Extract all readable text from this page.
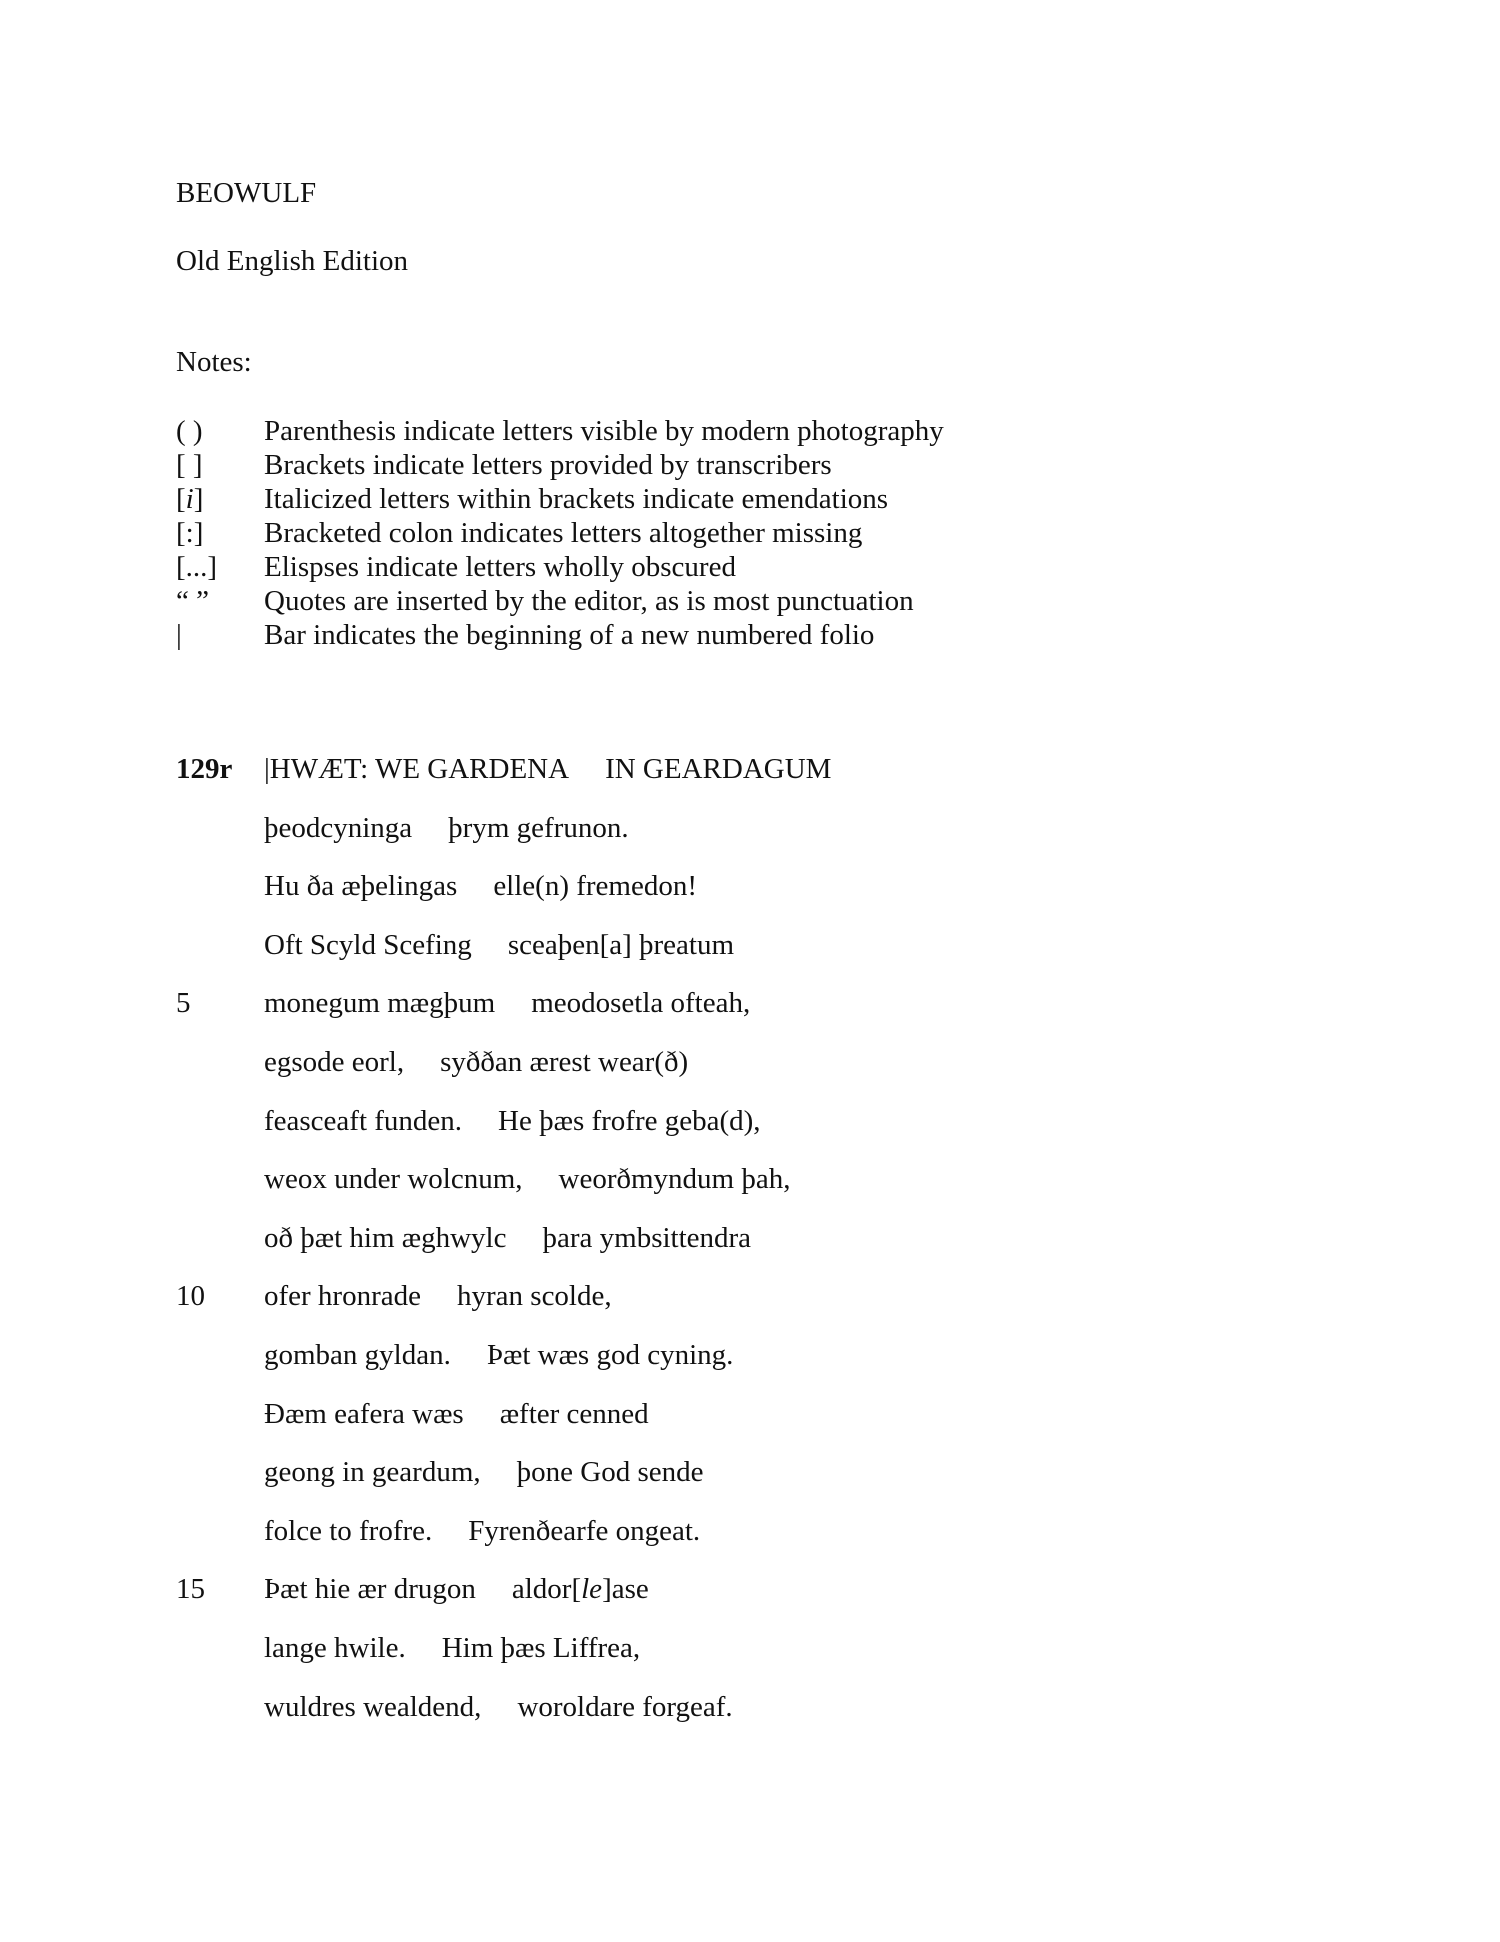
BEOWULF
Old English Edition
Notes:
( )	Parenthesis indicate letters visible by modern photography
[ ]	Brackets indicate letters provided by transcribers
[i]	Italicized letters within brackets indicate emendations
[:]	Bracketed colon indicates letters altogether missing
[...]	Elispses indicate letters wholly obscured
“ ”	Quotes are inserted by the editor, as is most punctuation
|	Bar indicates the beginning of a new numbered folio
129r	|HWÆT: WE GARDENA IN GEARDAGUM
þeodcyninga þrym gefrunon.
Hu ða æþelingas elle(n) fremedon!
Oft Scyld Scefing sceaþen[a] þreatum
5	monegum mægþum meodosetla ofteah,
egsode eorl, syððan ærest wear(ð)
feasceaft funden. He þæs frofre geba(d),
weox under wolcnum, weorðmyndum þah,
oð þæt him æghwylc þara ymbsittendra
10	ofer hronrade hyran scolde,
gomban gyldan. Þæt wæs god cyning.
Ðæm eafera wæs æfter cenned
geong in geardum, þone God sende
folce to frofre. Fyrenðearfe ongeat.
15	Þæt hie ær drugon aldor[le]ase
lange hwile. Him þæs Liffrea,
wuldres wealdend, woroldare forgeaf.
